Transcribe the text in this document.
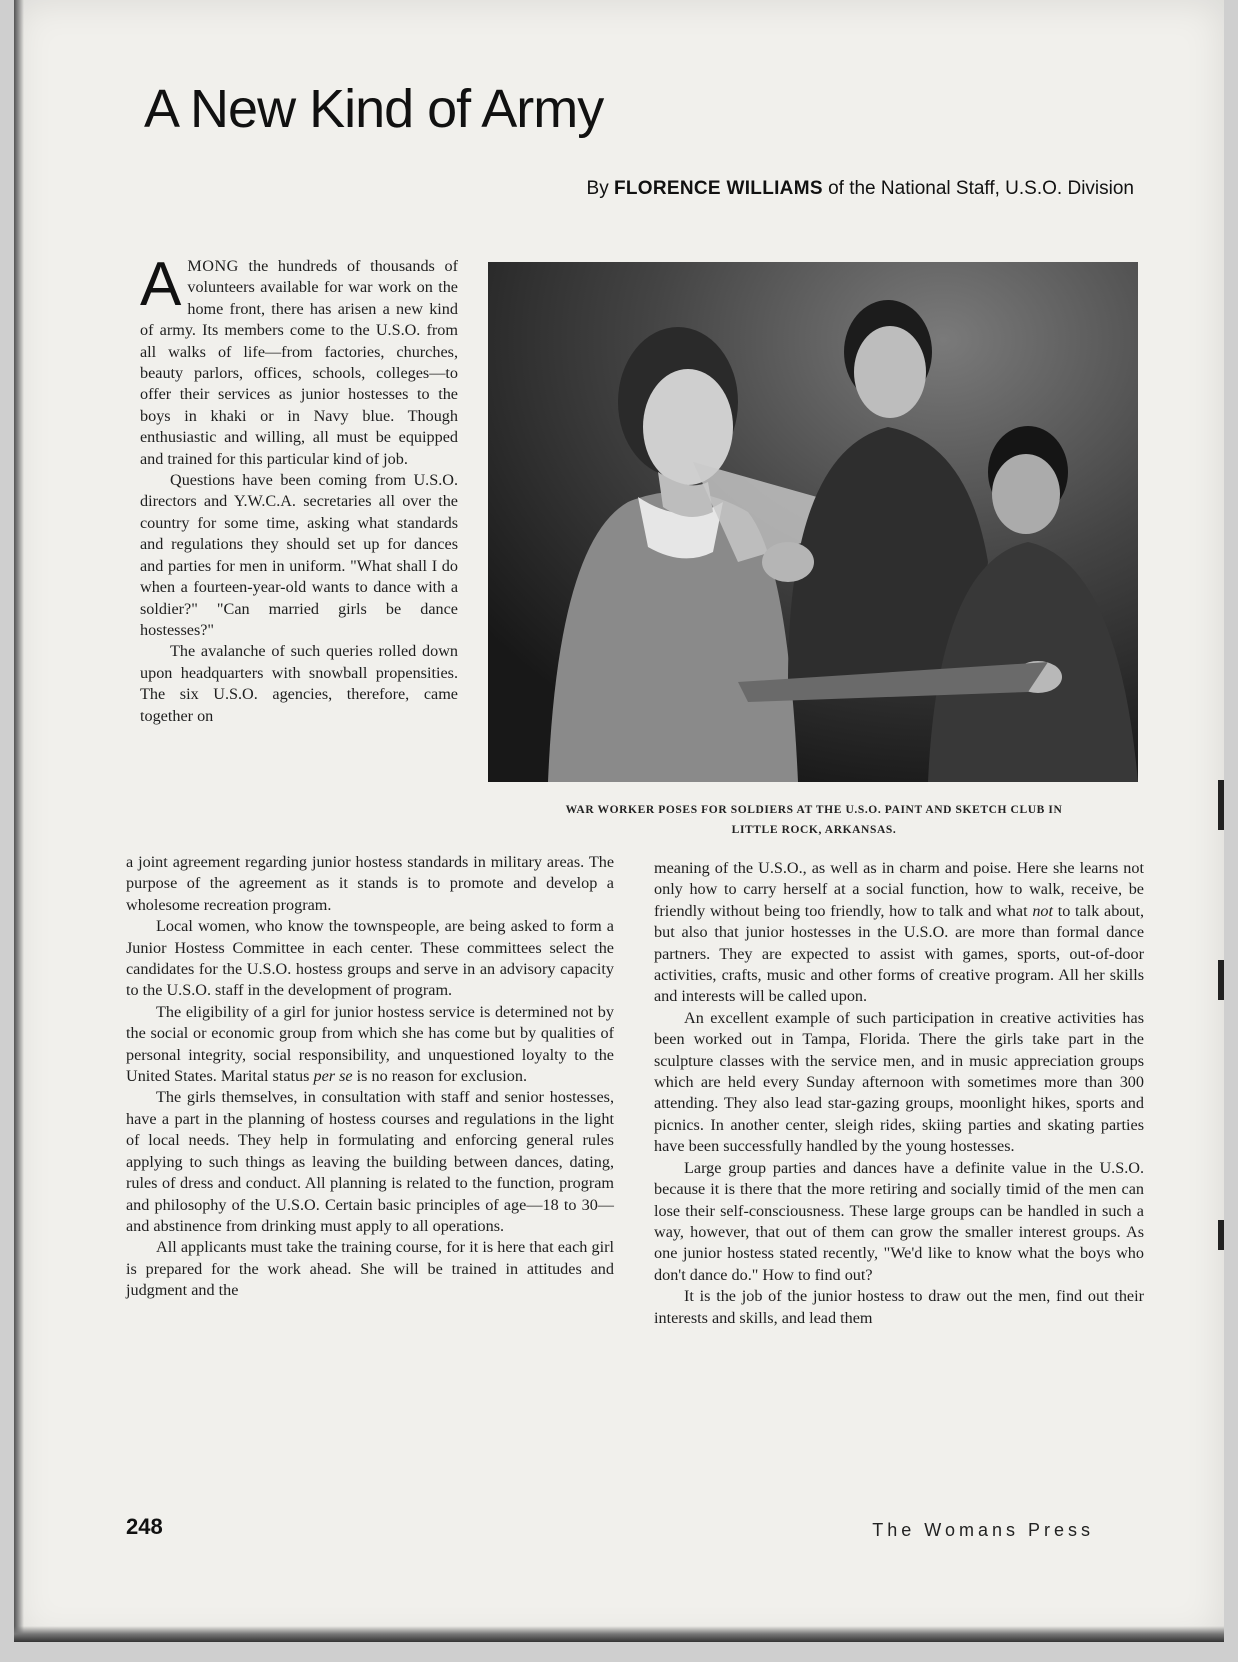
A New Kind of Army
By FLORENCE WILLIAMS of the National Staff, U.S.O. Division

AMONG the hundreds of thousands of volunteers available for war work on the home front, there has arisen a new kind of army. Its members come to the U.S.O. from all walks of life—from factories, churches, beauty parlors, offices, schools, colleges—to offer their services as junior hostesses to the boys in khaki or in Navy blue. Though enthusiastic and willing, all must be equipped and trained for this particular kind of job.

Questions have been coming from U.S.O. directors and Y.W.C.A. secretaries all over the country for some time, asking what standards and regulations they should set up for dances and parties for men in uniform. "What shall I do when a fourteen-year-old wants to dance with a soldier?" "Can married girls be dance hostesses?"

The avalanche of such queries rolled down upon headquarters with snowball propensities. The six U.S.O. agencies, therefore, came together on

WAR WORKER POSES FOR SOLDIERS AT THE U.S.O. PAINT AND SKETCH CLUB IN
LITTLE ROCK, ARKANSAS.

a joint agreement regarding junior hostess standards in military areas. The purpose of the agreement as it stands is to promote and develop a wholesome recreation program.

Local women, who know the townspeople, are being asked to form a Junior Hostess Committee in each center. These committees select the candidates for the U.S.O. hostess groups and serve in an advisory capacity to the U.S.O. staff in the development of program.

The eligibility of a girl for junior hostess service is determined not by the social or economic group from which she has come but by qualities of personal integrity, social responsibility, and unquestioned loyalty to the United States. Marital status per se is no reason for exclusion.

The girls themselves, in consultation with staff and senior hostesses, have a part in the planning of hostess courses and regulations in the light of local needs. They help in formulating and enforcing general rules applying to such things as leaving the building between dances, dating, rules of dress and conduct. All planning is related to the function, program and philosophy of the U.S.O. Certain basic principles of age—18 to 30—and abstinence from drinking must apply to all operations.

All applicants must take the training course, for it is here that each girl is prepared for the work ahead. She will be trained in attitudes and judgment and the

meaning of the U.S.O., as well as in charm and poise. Here she learns not only how to carry herself at a social function, how to walk, receive, be friendly without being too friendly, how to talk and what not to talk about, but also that junior hostesses in the U.S.O. are more than formal dance partners. They are expected to assist with games, sports, out-of-door activities, crafts, music and other forms of creative program. All her skills and interests will be called upon.

An excellent example of such participation in creative activities has been worked out in Tampa, Florida. There the girls take part in the sculpture classes with the service men, and in music appreciation groups which are held every Sunday afternoon with sometimes more than 300 attending. They also lead star-gazing groups, moonlight hikes, sports and picnics. In another center, sleigh rides, skiing parties and skating parties have been successfully handled by the young hostesses.

Large group parties and dances have a definite value in the U.S.O. because it is there that the more retiring and socially timid of the men can lose their self-consciousness. These large groups can be handled in such a way, however, that out of them can grow the smaller interest groups. As one junior hostess stated recently, "We'd like to know what the boys who don't dance do." How to find out?

It is the job of the junior hostess to draw out the men, find out their interests and skills, and lead them

248	The Womans Press
